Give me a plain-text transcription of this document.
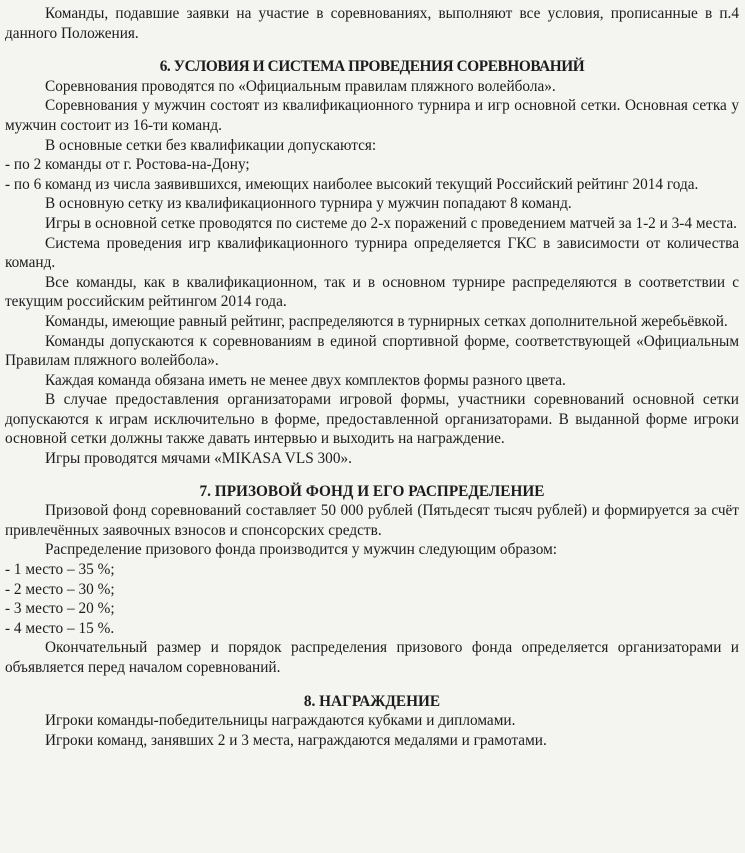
Команды, подавшие заявки на участие в соревнованиях, выполняют все условия, прописанные в п.4 данного Положения.

6. УСЛОВИЯ И СИСТЕМА ПРОВЕДЕНИЯ СОРЕВНОВАНИЙ

Соревнования проводятся по «Официальным правилам пляжного волейбола».

Соревнования у мужчин состоят из квалификационного турнира и игр основной сетки. Основная сетка у мужчин состоит из 16-ти команд.

В основные сетки без квалификации допускаются:

- по 2 команды от г. Ростова-на-Дону;

- по 6 команд из числа заявившихся, имеющих наиболее высокий текущий Российский рейтинг 2014 года.

В основную сетку из квалификационного турнира у мужчин попадают 8 команд.

Игры в основной сетке проводятся по системе до 2-х поражений с проведением матчей за 1-2 и 3-4 места.

Система проведения игр квалификационного турнира определяется ГКС в зависимости от количества команд.

Все команды, как в квалификационном, так и в основном турнире распределяются в соответствии с текущим российским рейтингом 2014 года.

Команды, имеющие равный рейтинг, распределяются в турнирных сетках дополнительной жеребьёвкой.

Команды допускаются к соревнованиям в единой спортивной форме, соответствующей «Официальным Правилам пляжного волейбола».

Каждая команда обязана иметь не менее двух комплектов формы разного цвета.

В случае предоставления организаторами игровой формы, участники соревнований основной сетки допускаются к играм исключительно в форме, предоставленной организаторами. В выданной форме игроки основной сетки должны также давать интервью и выходить на награждение.

Игры проводятся мячами «MIKASA VLS 300».

7. ПРИЗОВОЙ ФОНД И ЕГО РАСПРЕДЕЛЕНИЕ

Призовой фонд соревнований составляет 50 000 рублей (Пятьдесят тысяч рублей) и формируется за счёт привлечённых заявочных взносов и спонсорских средств.

Распределение призового фонда производится у мужчин следующим образом:

- 1 место – 35 %;

- 2 место – 30 %;

- 3 место – 20 %;

- 4 место – 15 %.

Окончательный размер и порядок распределения призового фонда определяется организаторами и объявляется перед началом соревнований.

8. НАГРАЖДЕНИЕ

Игроки команды-победительницы награждаются кубками и дипломами.

Игроки команд, занявших 2 и 3 места, награждаются медалями и грамотами.
